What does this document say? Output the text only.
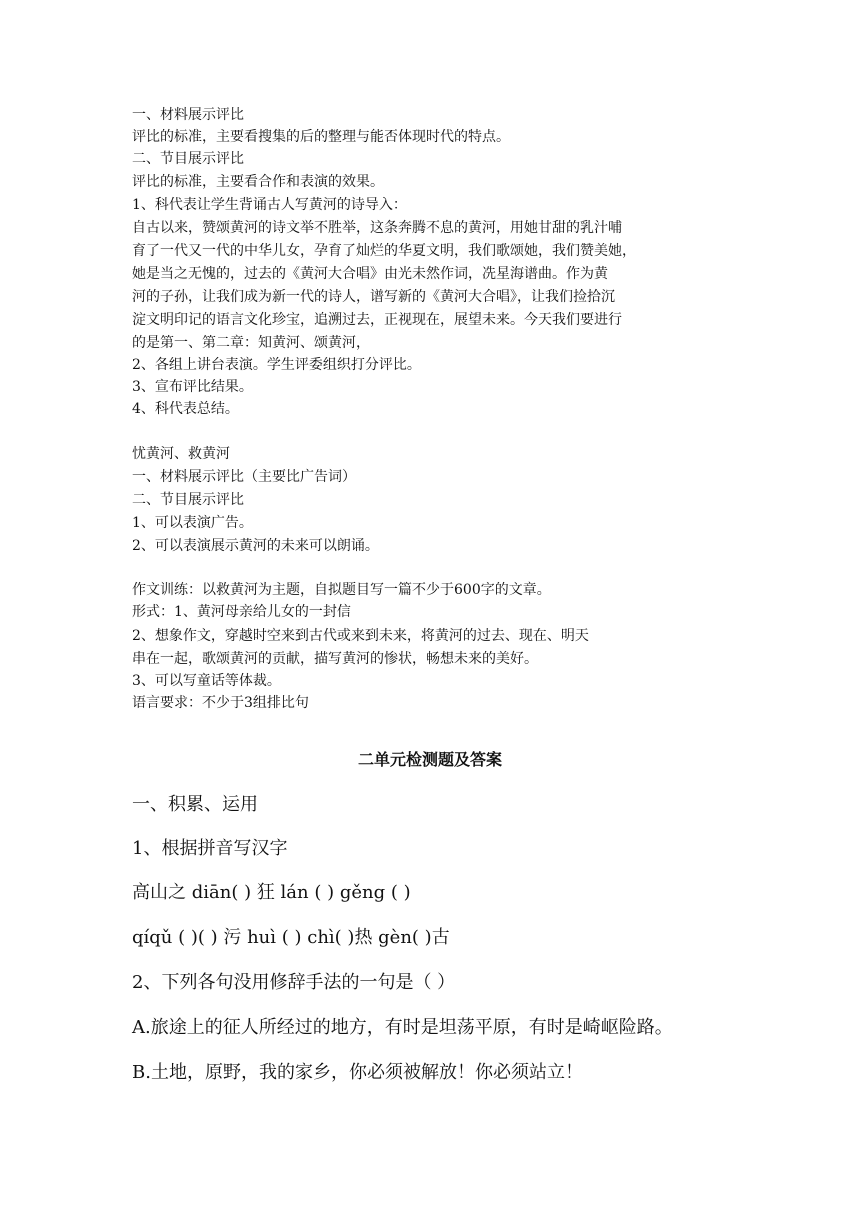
一、材料展示评比
评比的标准，主要看搜集的后的整理与能否体现时代的特点。
二、节目展示评比
评比的标准，主要看合作和表演的效果。
1、科代表让学生背诵古人写黄河的诗导入：
自古以来，赞颂黄河的诗文举不胜举，这条奔腾不息的黄河，用她甘甜的乳汁哺
育了一代又一代的中华儿女，孕育了灿烂的华夏文明，我们歌颂她，我们赞美她，
她是当之无愧的，过去的《黄河大合唱》由光未然作词，冼星海谱曲。作为黄
河的子孙，让我们成为新一代的诗人，谱写新的《黄河大合唱》，让我们捡拾沉
淀文明印记的语言文化珍宝，追溯过去，正视现在，展望未来。今天我们要进行
的是第一、第二章：知黄河、颂黄河，
2、各组上讲台表演。学生评委组织打分评比。
3、宣布评比结果。
4、科代表总结。
忧黄河、救黄河
一、材料展示评比（主要比广告词）
二、节目展示评比
1、可以表演广告。
2、可以表演展示黄河的未来可以朗诵。
作文训练：以救黄河为主题，自拟题目写一篇不少于600字的文章。
形式：1、黄河母亲给儿女的一封信
2、想象作文，穿越时空来到古代或来到未来，将黄河的过去、现在、明天
串在一起，歌颂黄河的贡献，描写黄河的惨状，畅想未来的美好。
3、可以写童话等体裁。
语言要求：不少于3组排比句
二单元检测题及答案
一、积累、运用
1、根据拼音写汉字
高山之 diān( ) 狂 lán ( ) gěng ( )
qíqǔ ( )( ) 污 huì ( ) chì( )热 gèn( )古
2、下列各句没用修辞手法的一句是（ ）
A.旅途上的征人所经过的地方，有时是坦荡平原，有时是崎岖险路。
B.土地，原野，我的家乡，你必须被解放！你必须站立！
